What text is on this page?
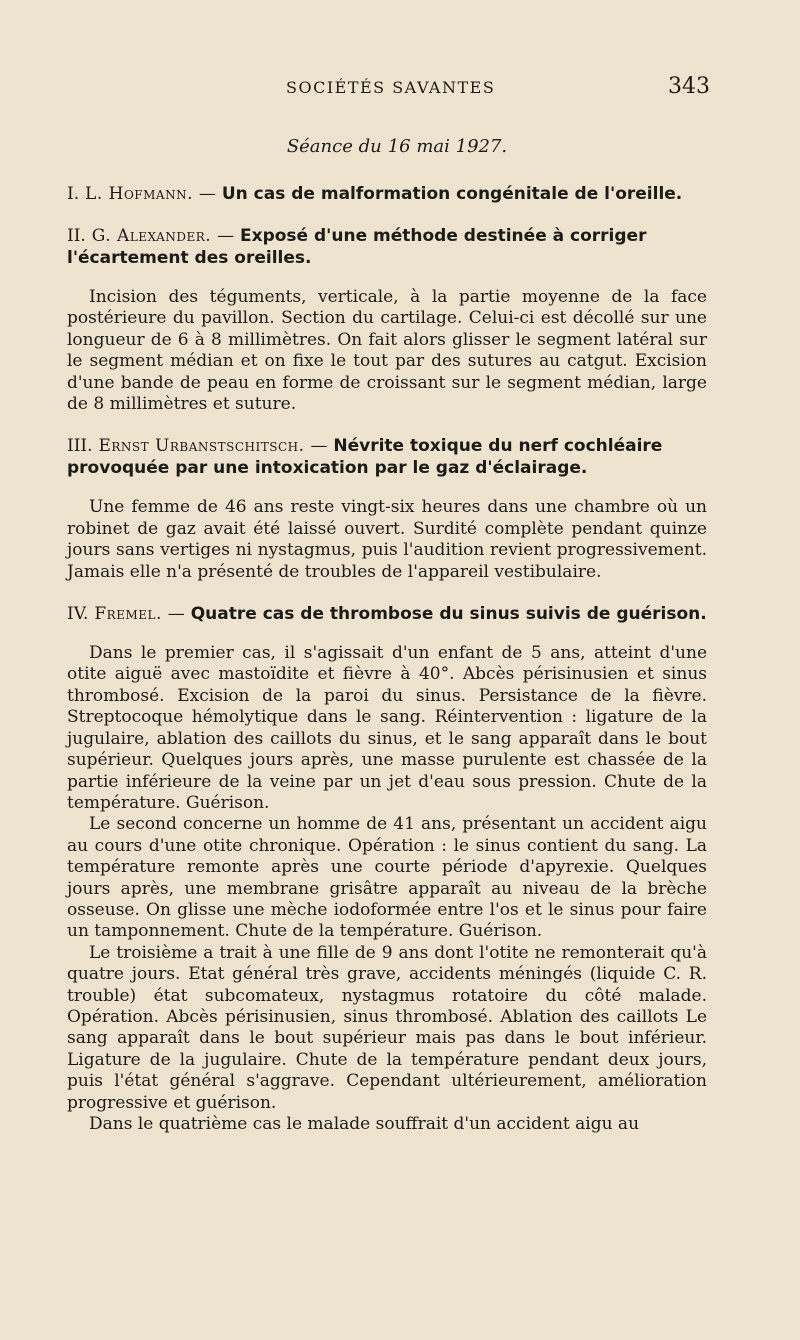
SOCIÉTÉS SAVANTES	343
Séance du 16 mai 1927.

I. L. Hofmann. — Un cas de malformation congénitale de l'oreille.

II. G. Alexander. — Exposé d'une méthode destinée à corriger l'écartement des oreilles.

Incision des téguments, verticale, à la partie moyenne de la face postérieure du pavillon. Section du cartilage. Celui-ci est décollé sur une longueur de 6 à 8 millimètres. On fait alors glisser le segment latéral sur le segment médian et on fixe le tout par des sutures au catgut. Excision d'une bande de peau en forme de croissant sur le segment médian, large de 8 millimètres et suture.

III. Ernst Urbanstschitsch. — Névrite toxique du nerf cochléaire provoquée par une intoxication par le gaz d'éclairage.

Une femme de 46 ans reste vingt-six heures dans une chambre où un robinet de gaz avait été laissé ouvert. Surdité complète pendant quinze jours sans vertiges ni nystagmus, puis l'audition revient progressivement. Jamais elle n'a présenté de troubles de l'appareil vestibulaire.

IV. Fremel. — Quatre cas de thrombose du sinus suivis de guérison.

Dans le premier cas, il s'agissait d'un enfant de 5 ans, atteint d'une otite aiguë avec mastoïdite et fièvre à 40°. Abcès périsinusien et sinus thrombosé. Excision de la paroi du sinus. Persistance de la fièvre. Streptocoque hémolytique dans le sang. Réintervention : ligature de la jugulaire, ablation des caillots du sinus, et le sang apparaît dans le bout supérieur. Quelques jours après, une masse purulente est chassée de la partie inférieure de la veine par un jet d'eau sous pression. Chute de la température. Guérison.

Le second concerne un homme de 41 ans, présentant un accident aigu au cours d'une otite chronique. Opération : le sinus contient du sang. La température remonte après une courte période d'apyrexie. Quelques jours après, une membrane grisâtre apparaît au niveau de la brèche osseuse. On glisse une mèche iodoformée entre l'os et le sinus pour faire un tamponnement. Chute de la température. Guérison.

Le troisième a trait à une fille de 9 ans dont l'otite ne remonterait qu'à quatre jours. Etat général très grave, accidents méningés (liquide C. R. trouble) état subcomateux, nystagmus rotatoire du côté malade. Opération. Abcès périsinusien, sinus thrombosé. Ablation des caillots Le sang apparaît dans le bout supérieur mais pas dans le bout inférieur. Ligature de la jugulaire. Chute de la température pendant deux jours, puis l'état général s'aggrave. Cependant ultérieurement, amélioration progressive et guérison.

Dans le quatrième cas le malade souffrait d'un accident aigu au
